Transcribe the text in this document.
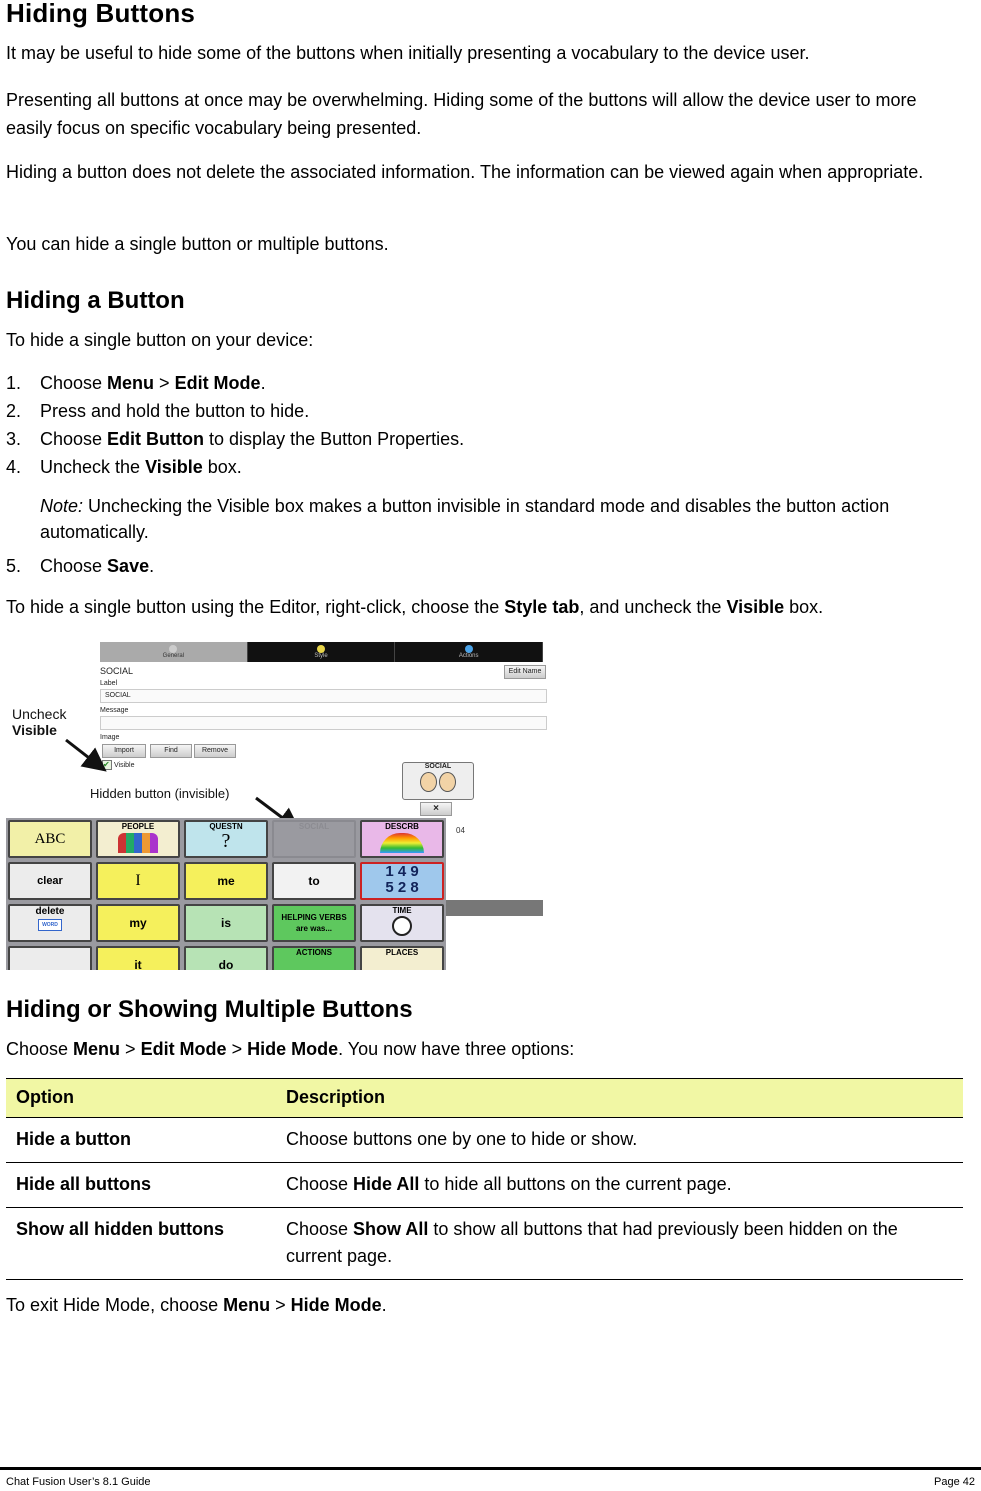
Hiding Buttons

It may be useful to hide some of the buttons when initially presenting a vocabulary to the device user.

Presenting all buttons at once may be overwhelming. Hiding some of the buttons will allow the device user to more easily focus on specific vocabulary being presented.

Hiding a button does not delete the associated information. The information can be viewed again when appropriate.

You can hide a single button or multiple buttons.

Hiding a Button

To hide a single button on your device:

1. Choose Menu > Edit Mode.
2. Press and hold the button to hide.
3. Choose Edit Button to display the Button Properties.
4. Uncheck the Visible box.
Note: Unchecking the Visible box makes a button invisible in standard mode and disables the button action automatically.
5. Choose Save.

To hide a single button using the Editor, right-click, choose the Style tab, and uncheck the Visible box.

General	Style	Actions
SOCIAL	Edit Name
Label
SOCIAL
Message
Image
Import	Find	Remove
✔ Visible	SOCIAL
×
04
Uncheck
Visible
Hidden button (invisible)
ABC
PEOPLE	QUESTN
?
SOCIAL	DESCRB
clear	I	me	to
1 4 9
5 2 8
delete
WORD	my	is	HELPING VERBS
are was...
TIME
it	do
ACTIONS	PLACES
Hiding or Showing Multiple Buttons

Choose Menu > Edit Mode > Hide Mode. You now have three options:

Option	Description
Hide a button	Choose buttons one by one to hide or show.
Hide all buttons	Choose Hide All to hide all buttons on the current page.
Show all hidden buttons	Choose Show All to show all buttons that had previously been hidden on the current page.

To exit Hide Mode, choose Menu > Hide Mode.

Chat Fusion User’s 8.1 Guide	Page 42
